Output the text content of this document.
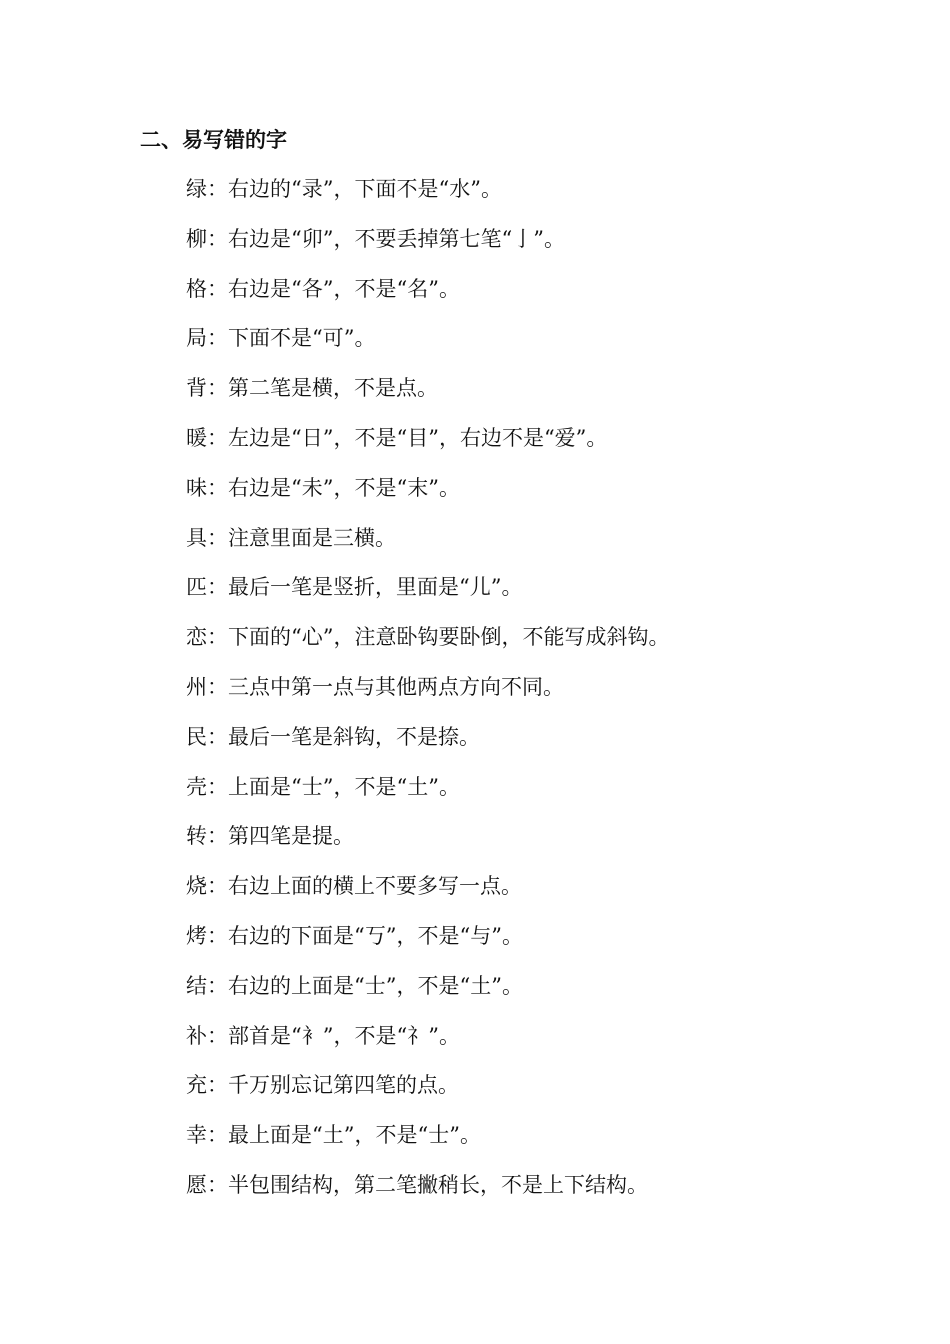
二、易写错的字
绿：右边的“录”，下面不是“水”。
柳：右边是“卯”，不要丢掉第七笔“亅”。
格：右边是“各”，不是“名”。
局：下面不是“可”。
背：第二笔是横，不是点。
暖：左边是“日”，不是“目”，右边不是“爱”。
味：右边是“未”，不是“末”。
具：注意里面是三横。
匹：最后一笔是竖折，里面是“儿”。
恋：下面的“心”，注意卧钩要卧倒，不能写成斜钩。
州：三点中第一点与其他两点方向不同。
民：最后一笔是斜钩，不是捺。
壳：上面是“士”，不是“土”。
转：第四笔是提。
烧：右边上面的横上不要多写一点。
烤：右边的下面是“丂”，不是“与”。
结：右边的上面是“士”，不是“土”。
补：部首是“衤”，不是“礻”。
充：千万别忘记第四笔的点。
幸：最上面是“土”，不是“士”。
愿：半包围结构，第二笔撇稍长，不是上下结构。
